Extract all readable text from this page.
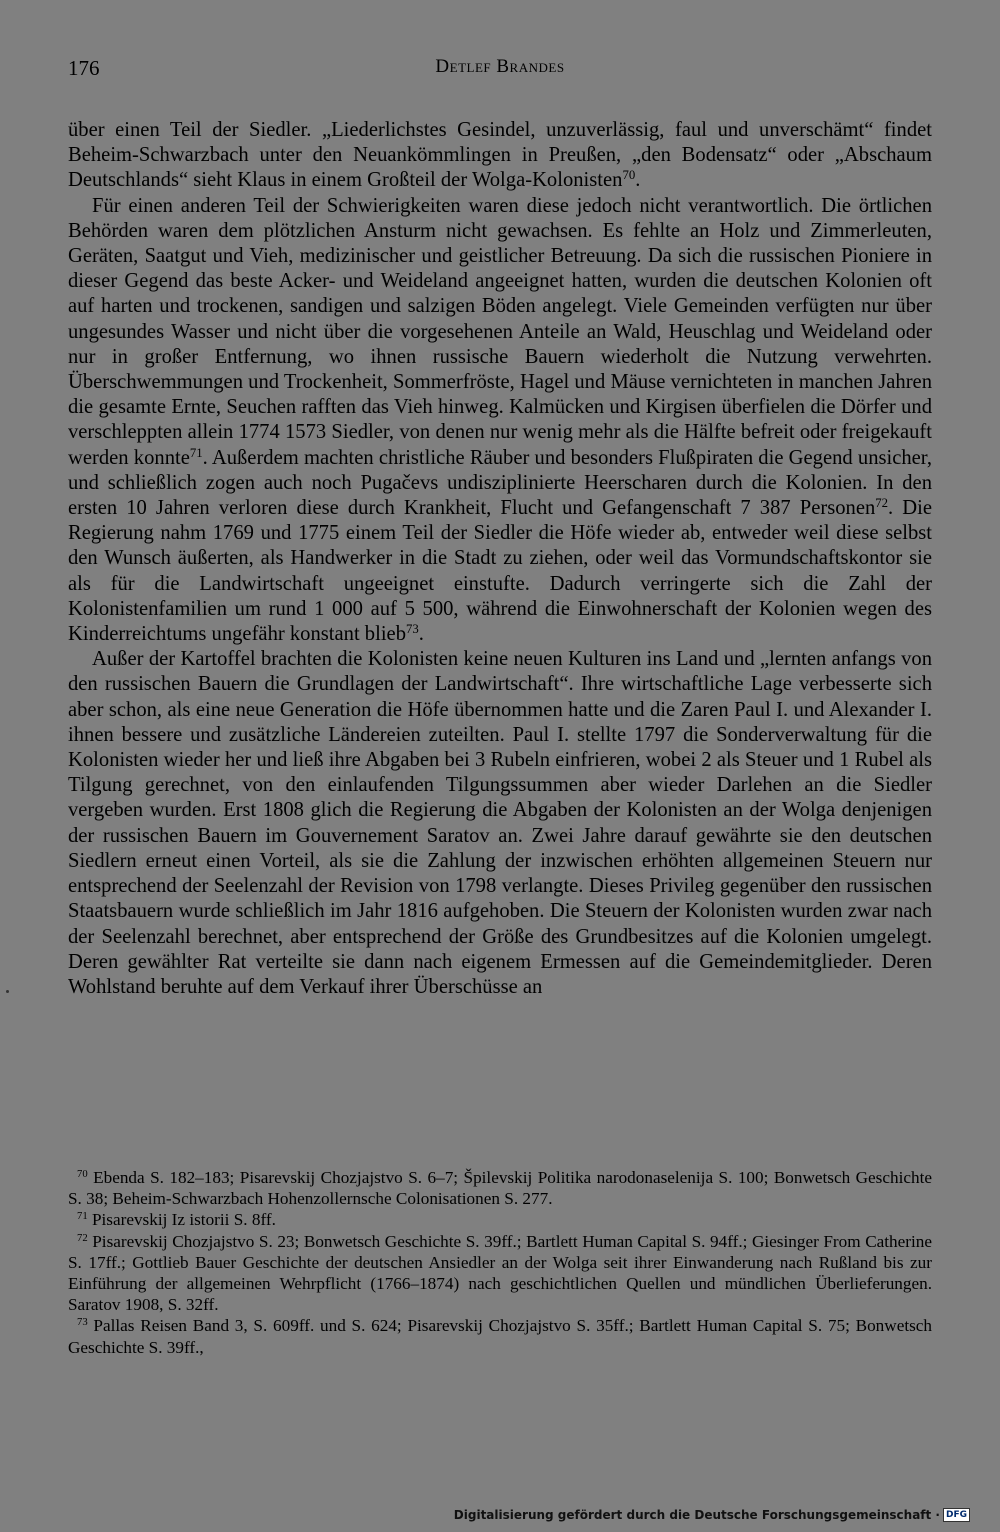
176	Detlef Brandes

über einen Teil der Siedler. „Liederlichstes Gesindel, unzuverlässig, faul und unverschämt“ findet Beheim-Schwarzbach unter den Neuankömmlingen in Preußen, „den Bodensatz“ oder „Abschaum Deutschlands“ sieht Klaus in einem Großteil der Wolga-Kolonisten$^{70}$.

Für einen anderen Teil der Schwierigkeiten waren diese jedoch nicht verantwortlich. Die örtlichen Behörden waren dem plötzlichen Ansturm nicht gewachsen. Es fehlte an Holz und Zimmerleuten, Geräten, Saatgut und Vieh, medizinischer und geistlicher Betreuung. Da sich die russischen Pioniere in dieser Gegend das beste Acker- und Weideland angeeignet hatten, wurden die deutschen Kolonien oft auf harten und trockenen, sandigen und salzigen Böden angelegt. Viele Gemeinden verfügten nur über ungesundes Wasser und nicht über die vorgesehenen Anteile an Wald, Heuschlag und Weideland oder nur in großer Entfernung, wo ihnen russische Bauern wiederholt die Nutzung verwehrten. Überschwemmungen und Trockenheit, Sommerfröste, Hagel und Mäuse vernichteten in manchen Jahren die gesamte Ernte, Seuchen rafften das Vieh hinweg. Kalmücken und Kirgisen überfielen die Dörfer und verschleppten allein 1774 1573 Siedler, von denen nur wenig mehr als die Hälfte befreit oder freigekauft werden konnte$^{71}$. Außerdem machten christliche Räuber und besonders Flußpiraten die Gegend unsicher, und schließlich zogen auch noch Pugačevs undisziplinierte Heerscharen durch die Kolonien. In den ersten 10 Jahren verloren diese durch Krankheit, Flucht und Gefangenschaft 7 387 Personen$^{72}$. Die Regierung nahm 1769 und 1775 einem Teil der Siedler die Höfe wieder ab, entweder weil diese selbst den Wunsch äußerten, als Handwerker in die Stadt zu ziehen, oder weil das Vormundschaftskontor sie als für die Landwirtschaft ungeeignet einstufte. Dadurch verringerte sich die Zahl der Kolonistenfamilien um rund 1 000 auf 5 500, während die Einwohnerschaft der Kolonien wegen des Kinderreichtums ungefähr konstant blieb$^{73}$.

Außer der Kartoffel brachten die Kolonisten keine neuen Kulturen ins Land und „lernten anfangs von den russischen Bauern die Grundlagen der Landwirtschaft“. Ihre wirtschaftliche Lage verbesserte sich aber schon, als eine neue Generation die Höfe übernommen hatte und die Zaren Paul I. und Alexander I. ihnen bessere und zusätzliche Ländereien zuteilten. Paul I. stellte 1797 die Sonderverwaltung für die Kolonisten wieder her und ließ ihre Abgaben bei 3 Rubeln einfrieren, wobei 2 als Steuer und 1 Rubel als Tilgung gerechnet, von den einlaufenden Tilgungssummen aber wieder Darlehen an die Siedler vergeben wurden. Erst 1808 glich die Regierung die Abgaben der Kolonisten an der Wolga denjenigen der russischen Bauern im Gouvernement Saratov an. Zwei Jahre darauf gewährte sie den deutschen Siedlern erneut einen Vorteil, als sie die Zahlung der inzwischen erhöhten allgemeinen Steuern nur entsprechend der Seelenzahl der Revision von 1798 verlangte. Dieses Privileg gegenüber den russischen Staatsbauern wurde schließlich im Jahr 1816 aufgehoben. Die Steuern der Kolonisten wurden zwar nach der Seelenzahl berechnet, aber entsprechend der Größe des Grundbesitzes auf die Kolonien umgelegt. Deren gewählter Rat verteilte sie dann nach eigenem Ermessen auf die Gemeindemitglieder. Deren Wohlstand beruhte auf dem Verkauf ihrer Überschüsse an

$^{70}$ Ebenda S. 182–183; Pisarevskij Chozjajstvo S. 6–7; Špilevskij Politika narodonaselenija S. 100; Bonwetsch Geschichte S. 38; Beheim-Schwarzbach Hohenzollernsche Colonisationen S. 277.

$^{71}$ Pisarevskij Iz istorii S. 8ff.

$^{72}$ Pisarevskij Chozjajstvo S. 23; Bonwetsch Geschichte S. 39ff.; Bartlett Human Capital S. 94ff.; Giesinger From Catherine S. 17ff.; Gottlieb Bauer Geschichte der deutschen Ansiedler an der Wolga seit ihrer Einwanderung nach Rußland bis zur Einführung der allgemeinen Wehrpflicht (1766–1874) nach geschichtlichen Quellen und mündlichen Überlieferungen. Saratov 1908, S. 32ff.

$^{73}$ Pallas Reisen Band 3, S. 609ff. und S. 624; Pisarevskij Chozjajstvo S. 35ff.; Bartlett Human Capital S. 75; Bonwetsch Geschichte S. 39ff.,

Digitalisierung gefördert durch die Deutsche Forschungsgemeinschaft · DFG
